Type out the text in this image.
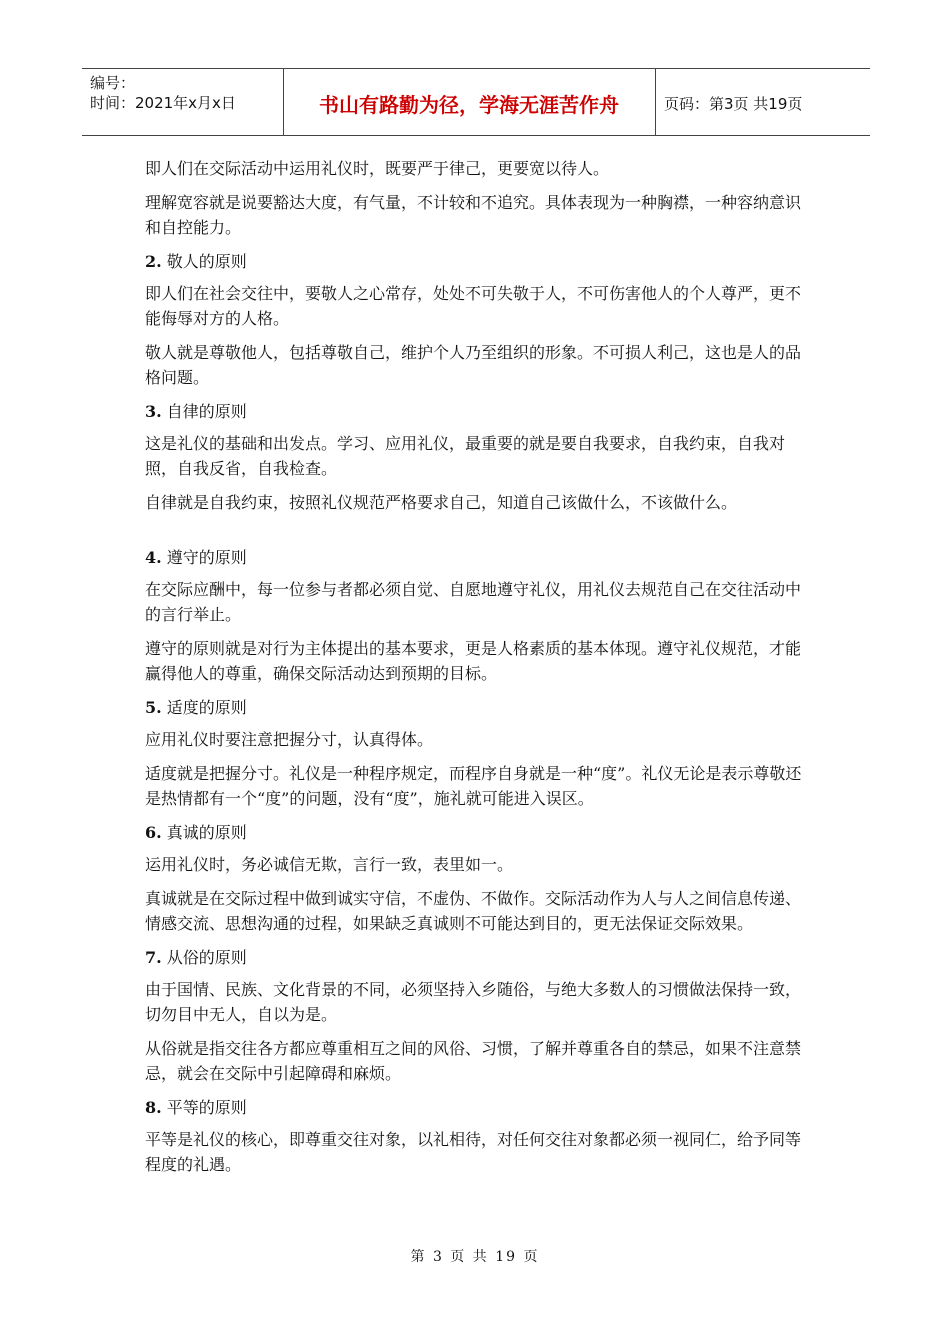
编号：
时间：2021年x月x日	书山有路勤为径，学海无涯苦作舟	页码：第3页 共19页

即人们在交际活动中运用礼仪时，既要严于律己，更要宽以待人。

理解宽容就是说要豁达大度，有气量，不计较和不追究。具体表现为一种胸襟，一种容纳意识和自控能力。

2. 敬人的原则

即人们在社会交往中，要敬人之心常存，处处不可失敬于人，不可伤害他人的个人尊严，更不能侮辱对方的人格。

敬人就是尊敬他人，包括尊敬自己，维护个人乃至组织的形象。不可损人利己，这也是人的品格问题。

3. 自律的原则

这是礼仪的基础和出发点。学习、应用礼仪，最重要的就是要自我要求，自我约束，自我对照，自我反省，自我检查。

自律就是自我约束，按照礼仪规范严格要求自己，知道自己该做什么，不该做什么。

4. 遵守的原则

在交际应酬中，每一位参与者都必须自觉、自愿地遵守礼仪，用礼仪去规范自己在交往活动中的言行举止。

遵守的原则就是对行为主体提出的基本要求，更是人格素质的基本体现。遵守礼仪规范，才能赢得他人的尊重，确保交际活动达到预期的目标。

5. 适度的原则

应用礼仪时要注意把握分寸，认真得体。

适度就是把握分寸。礼仪是一种程序规定，而程序自身就是一种“度”。礼仪无论是表示尊敬还是热情都有一个“度”的问题，没有“度”，施礼就可能进入误区。

6. 真诚的原则

运用礼仪时，务必诚信无欺，言行一致，表里如一。

真诚就是在交际过程中做到诚实守信，不虚伪、不做作。交际活动作为人与人之间信息传递、情感交流、思想沟通的过程，如果缺乏真诚则不可能达到目的，更无法保证交际效果。

7. 从俗的原则

由于国情、民族、文化背景的不同，必须坚持入乡随俗，与绝大多数人的习惯做法保持一致，切勿目中无人，自以为是。

从俗就是指交往各方都应尊重相互之间的风俗、习惯，了解并尊重各自的禁忌，如果不注意禁忌，就会在交际中引起障碍和麻烦。

8. 平等的原则

平等是礼仪的核心，即尊重交往对象，以礼相待，对任何交往对象都必须一视同仁，给予同等程度的礼遇。

第 3 页 共 19 页
